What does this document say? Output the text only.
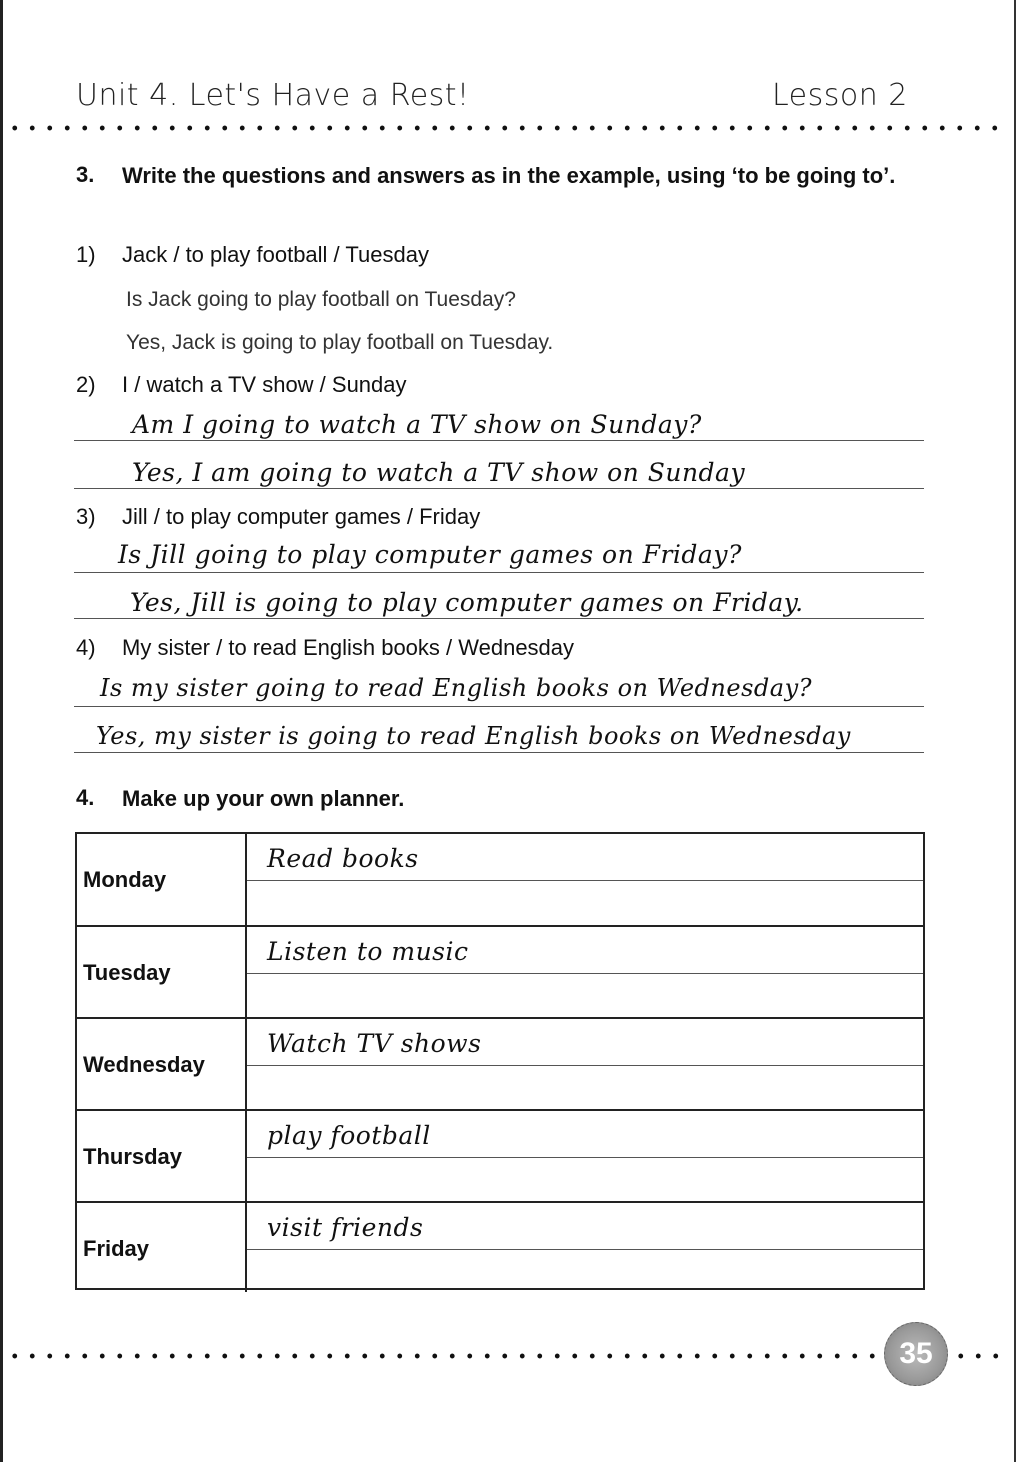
Unit 4. Let's Have a Rest!	Lesson 2
3. Write the questions and answers as in the example, using ‘to be going to’.
1) Jack / to play football / Tuesday
Is Jack going to play football on Tuesday?
Yes, Jack is going to play football on Tuesday.
2) I / watch a TV show / Sunday
Am I going to watch a TV show on Sunday?
Yes, I am going to watch a TV show on Sunday
3) Jill / to play computer games / Friday
Is Jill going to play computer games on Friday?
Yes, Jill is going to play computer games on Friday.
4) My sister / to read English books / Wednesday
Is my sister going to read English books on Wednesday?
Yes, my sister is going to read English books on Wednesday
4. Make up your own planner.
Monday
Read books
Tuesday
Listen to music
Wednesday
Watch TV shows
Thursday
play football
Friday
visit friends
35
